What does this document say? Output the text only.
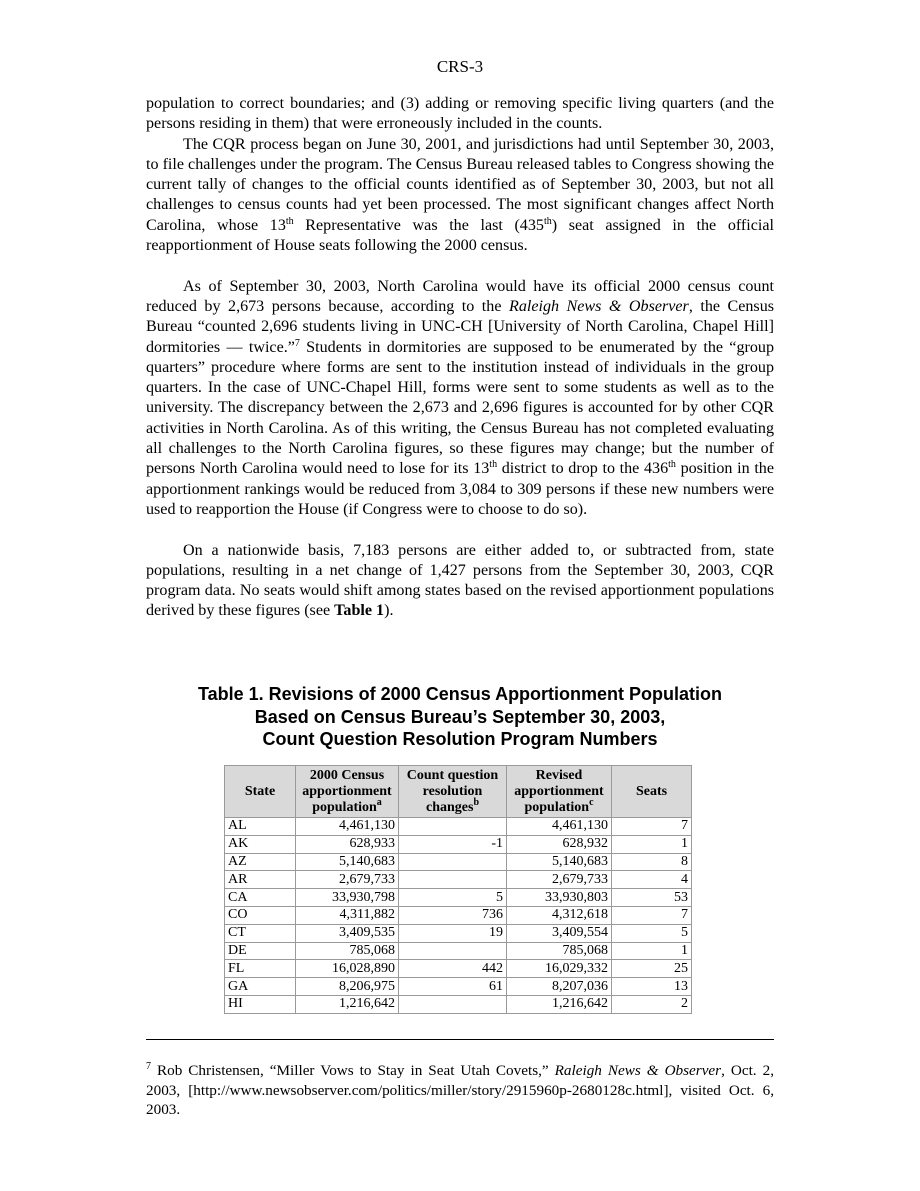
CRS-3

population to correct boundaries; and (3) adding or removing specific living quarters (and the persons residing in them) that were erroneously included in the counts.

The CQR process began on June 30, 2001, and jurisdictions had until September 30, 2003, to file challenges under the program. The Census Bureau released tables to Congress showing the current tally of changes to the official counts identified as of September 30, 2003, but not all challenges to census counts had yet been processed. The most significant changes affect North Carolina, whose 13th Representative was the last (435th) seat assigned in the official reapportionment of House seats following the 2000 census.

As of September 30, 2003, North Carolina would have its official 2000 census count reduced by 2,673 persons because, according to the Raleigh News & Observer, the Census Bureau “counted 2,696 students living in UNC-CH [University of North Carolina, Chapel Hill] dormitories — twice.”$^7$ Students in dormitories are supposed to be enumerated by the “group quarters” procedure where forms are sent to the institution instead of individuals in the group quarters. In the case of UNC-Chapel Hill, forms were sent to some students as well as to the university. The discrepancy between the 2,673 and 2,696 figures is accounted for by other CQR activities in North Carolina. As of this writing, the Census Bureau has not completed evaluating all challenges to the North Carolina figures, so these figures may change; but the number of persons North Carolina would need to lose for its 13th district to drop to the 436th position in the apportionment rankings would be reduced from 3,084 to 309 persons if these new numbers were used to reapportion the House (if Congress were to choose to do so).

On a nationwide basis, 7,183 persons are either added to, or subtracted from, state populations, resulting in a net change of 1,427 persons from the September 30, 2003, CQR program data. No seats would shift among states based on the revised apportionment populations derived by these figures (see Table 1).

Table 1. Revisions of 2000 Census Apportionment Population
Based on Census Bureau’s September 30, 2003,
Count Question Resolution Program Numbers
State	2000 Census
apportionment
population$^a$	Count question
resolution
changes$^b$	Revised
apportionment
population$^c$	Seats
AL	4,461,130		4,461,130	7
AK	628,933	-1	628,932	1
AZ	5,140,683		5,140,683	8
AR	2,679,733		2,679,733	4
CA	33,930,798	5	33,930,803	53
CO	4,311,882	736	4,312,618	7
CT	3,409,535	19	3,409,554	5
DE	785,068		785,068	1
FL	16,028,890	442	16,029,332	25
GA	8,206,975	61	8,207,036	13
HI	1,216,642		1,216,642	2
$^7$ Rob Christensen, “Miller Vows to Stay in Seat Utah Covets,” Raleigh News & Observer, Oct. 2, 2003, [http://www.newsobserver.com/politics/miller/story/2915960p-2680128c.html], visited Oct. 6, 2003.
